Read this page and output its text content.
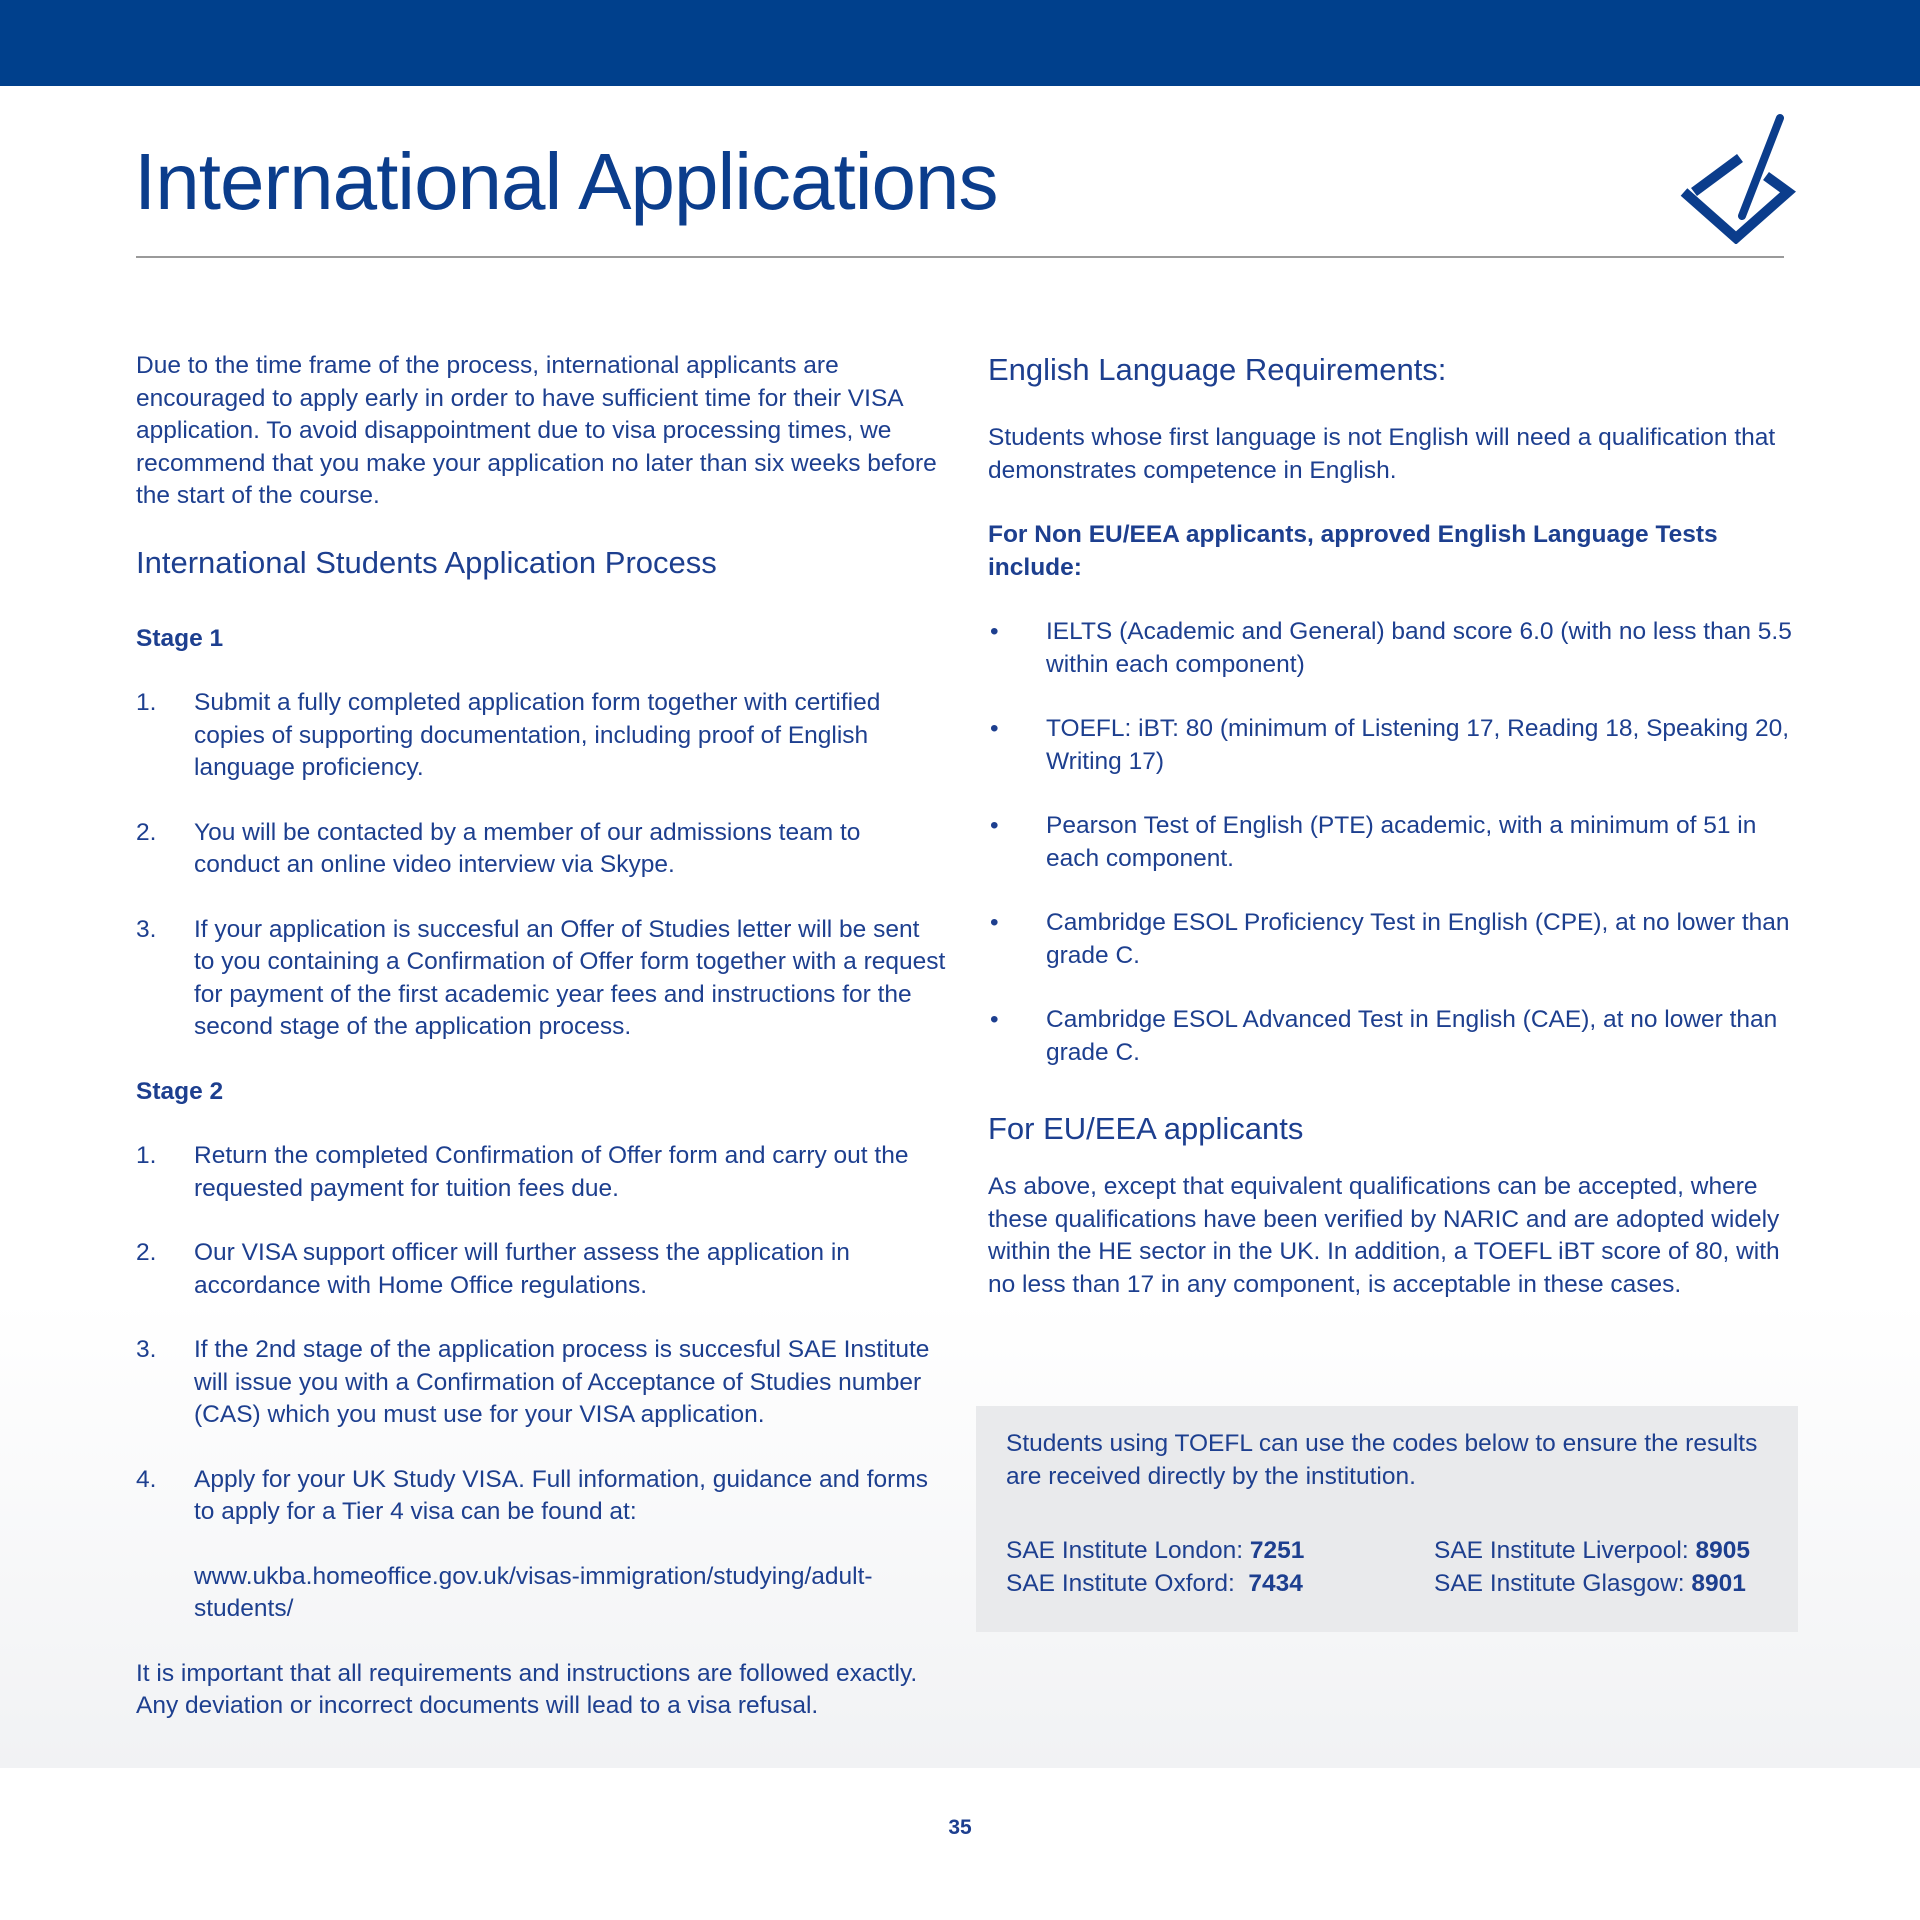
International Applications

Due to the time frame of the process, international applicants are encouraged to apply early in order to have sufficient time for their VISA application. To avoid disappointment due to visa processing times, we recommend that you make your application no later than six weeks before the start of the course.

International Students Application Process

Stage 1

1. Submit a fully completed application form together with certified copies of supporting documentation, including proof of English language proficiency.
2. You will be contacted by a member of our admissions team to conduct an online video interview via Skype.
3. If your application is succesful an Offer of Studies letter will be sent to you containing a Confirmation of Offer form together with a request for payment of the first academic year fees and instructions for the second stage of the application process.

Stage 2

1. Return the completed Confirmation of Offer form and carry out the requested payment for tuition fees due.
2. Our VISA support officer will further assess the application in accordance with Home Office regulations.
3. If the 2nd stage of the application process is succesful SAE Institute will issue you with a Confirmation of Acceptance of Studies number (CAS) which you must use for your VISA application.
4. Apply for your UK Study VISA. Full information, guidance and forms to apply for a Tier 4 visa can be found at:
www.ukba.homeoffice.gov.uk/visas-immigration/studying/adult-students/

It is important that all requirements and instructions are followed exactly. Any deviation or incorrect documents will lead to a visa refusal.

English Language Requirements:

Students whose first language is not English will need a qualification that demonstrates competence in English.

For Non EU/EEA applicants, approved English Language Tests include:

• IELTS (Academic and General) band score 6.0 (with no less than 5.5 within each component)
• TOEFL: iBT: 80 (minimum of Listening 17, Reading 18, Speaking 20, Writing 17)
• Pearson Test of English (PTE) academic, with a minimum of 51 in each component.
• Cambridge ESOL Proficiency Test in English (CPE), at no lower than grade C.
• Cambridge ESOL Advanced Test in English (CAE), at no lower than grade C.
For EU/EEA applicants

As above, except that equivalent qualifications can be accepted, where these qualifications have been verified by NARIC and are adopted widely within the HE sector in the UK. In addition, a TOEFL iBT score of 80, with no less than 17 in any component, is acceptable in these cases.

Students using TOEFL can use the codes below to ensure the results are received directly by the institution.

SAE Institute London: 7251	SAE Institute Liverpool: 8905
SAE Institute Oxford:  7434	SAE Institute Glasgow: 8901
35
